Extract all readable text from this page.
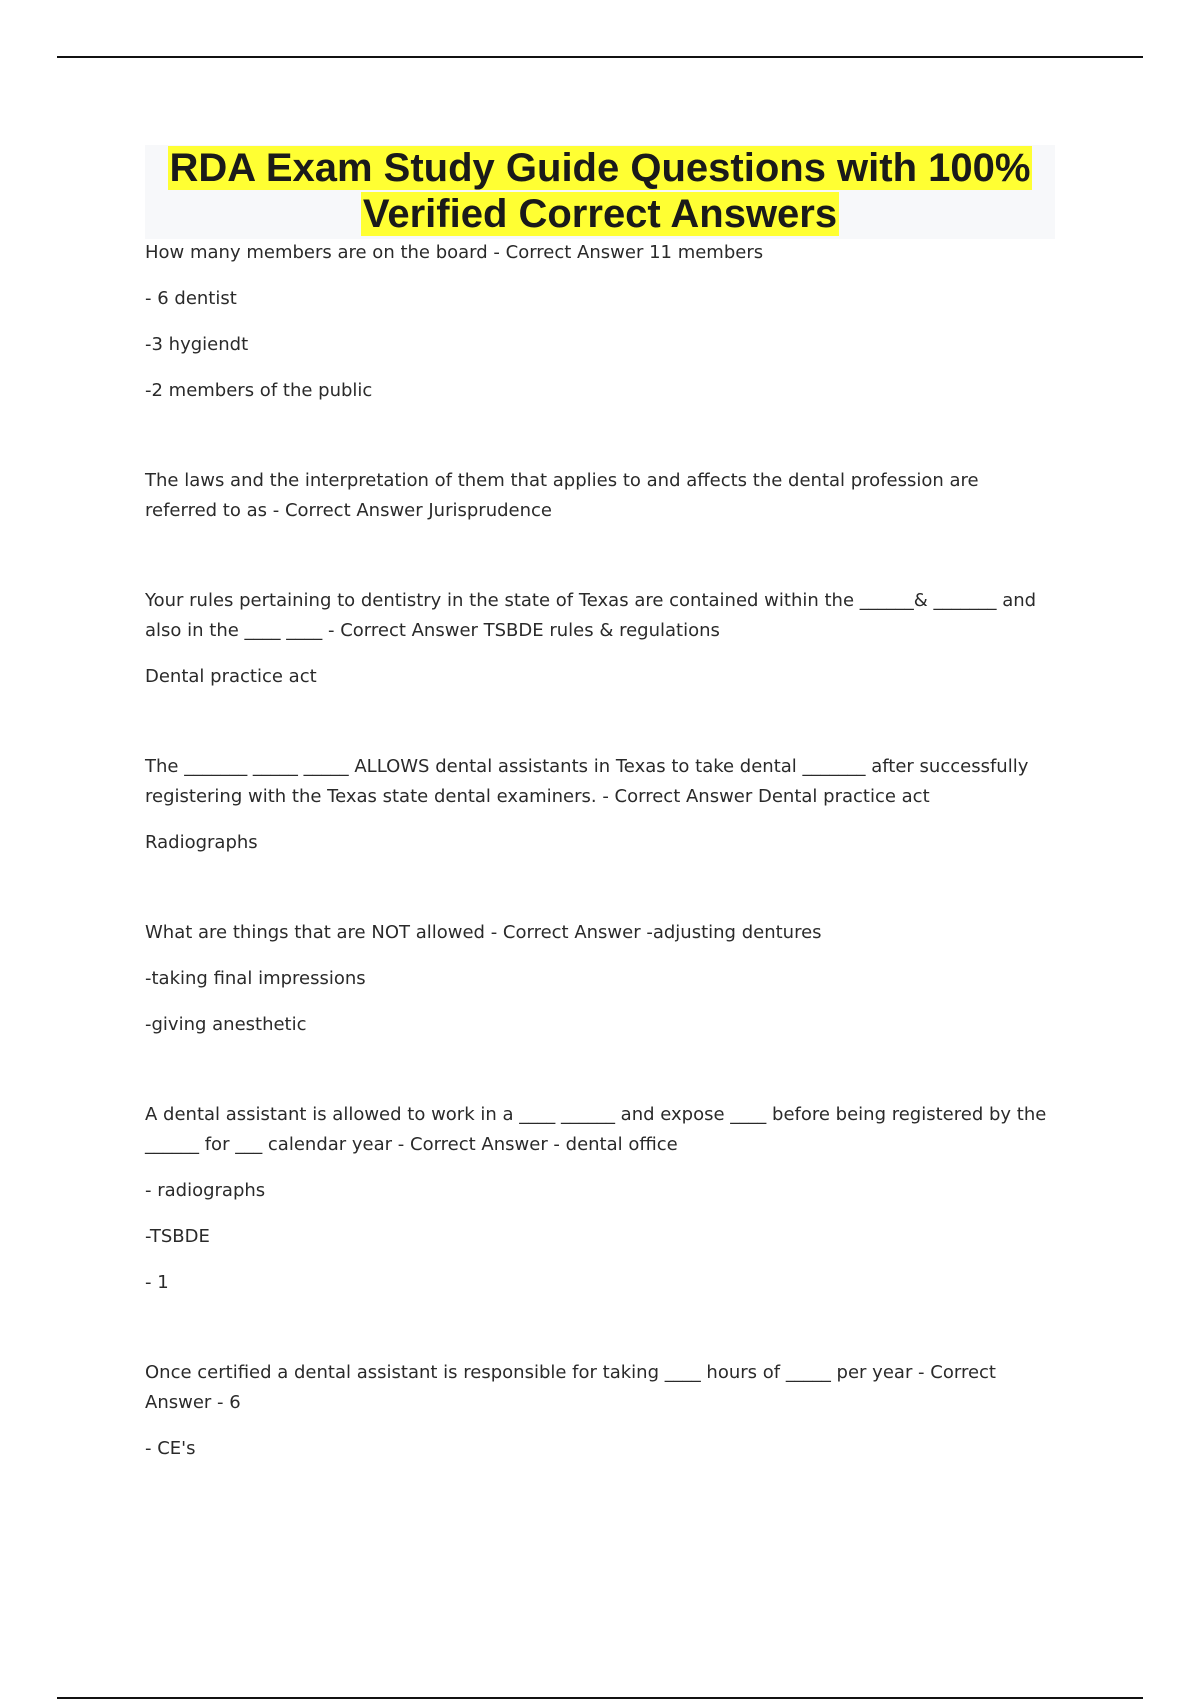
RDA Exam Study Guide Questions with 100%
Verified Correct Answers

How many members are on the board - Correct Answer 11 members

- 6 dentist

-3 hygiendt

-2 members of the public

The laws and the interpretation of them that applies to and affects the dental profession are referred to as - Correct Answer Jurisprudence

Your rules pertaining to dentistry in the state of Texas are contained within the ______& _______ and also in the ____ ____ - Correct Answer TSBDE rules & regulations

Dental practice act

The _______ _____ _____ ALLOWS dental assistants in Texas to take dental _______ after successfully registering with the Texas state dental examiners. - Correct Answer Dental practice act

Radiographs

What are things that are NOT allowed - Correct Answer -adjusting dentures

-taking final impressions

-giving anesthetic

A dental assistant is allowed to work in a ____ ______ and expose ____ before being registered by the ______ for ___ calendar year - Correct Answer - dental office

- radiographs

-TSBDE

- 1

Once certified a dental assistant is responsible for taking ____ hours of _____ per year - Correct Answer - 6

- CE's
